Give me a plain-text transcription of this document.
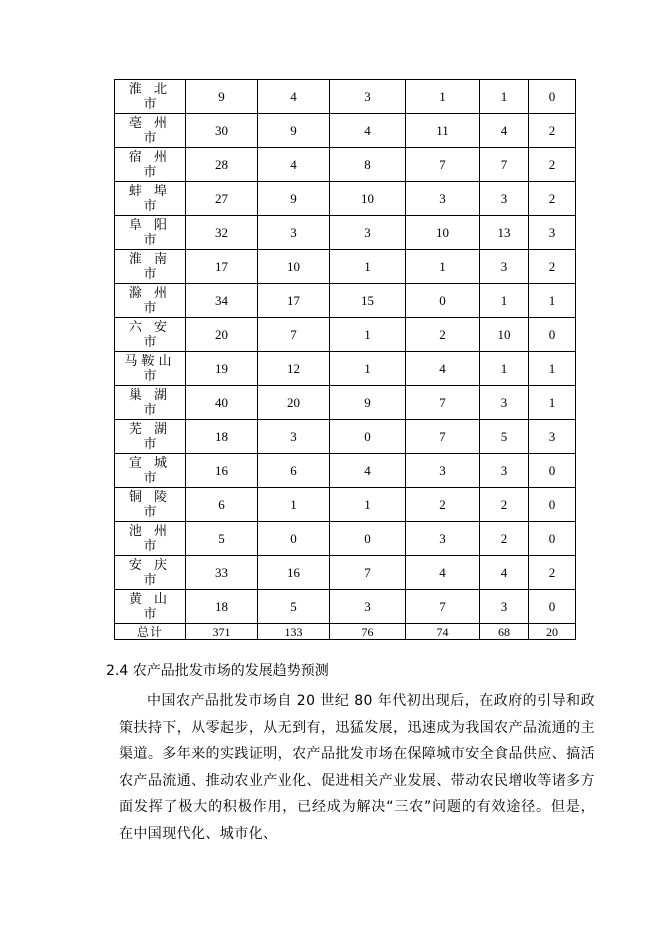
淮 北
市	9	4	3	1	1	0

亳 州
市	30	9	4	11	4	2

宿 州
市	28	4	8	7	7	2

蚌 埠
市	27	9	10	3	3	2

阜 阳
市	32	3	3	10	13	3

淮 南
市	17	10	1	1	3	2

滁 州
市	34	17	15	0	1	1

六 安
市	20	7	1	2	10	0

马鞍山
市	19	12	1	4	1	1

巢 湖
市	40	20	9	7	3	1

芜 湖
市	18	3	0	7	5	3

宣 城
市	16	6	4	3	3	0

铜 陵
市	6	1	1	2	2	0

池 州
市	5	0	0	3	2	0

安 庆
市	33	16	7	4	4	2

黄 山
市	18	5	3	7	3	0
总计	371	133	76	74	68	20
2.4 农产品批发市场的发展趋势预测
中国农产品批发市场自 20 世纪 80 年代初出现后，在政府的引导和政策扶持下，从零起步，从无到有，迅猛发展，迅速成为我国农产品流通的主渠道。多年来的实践证明，农产品批发市场在保障城市安全食品供应、搞活农产品流通、推动农业产业化、促进相关产业发展、带动农民增收等诸多方面发挥了极大的积极作用，已经成为解决“三农”问题的有效途径。但是，在中国现代化、城市化、
